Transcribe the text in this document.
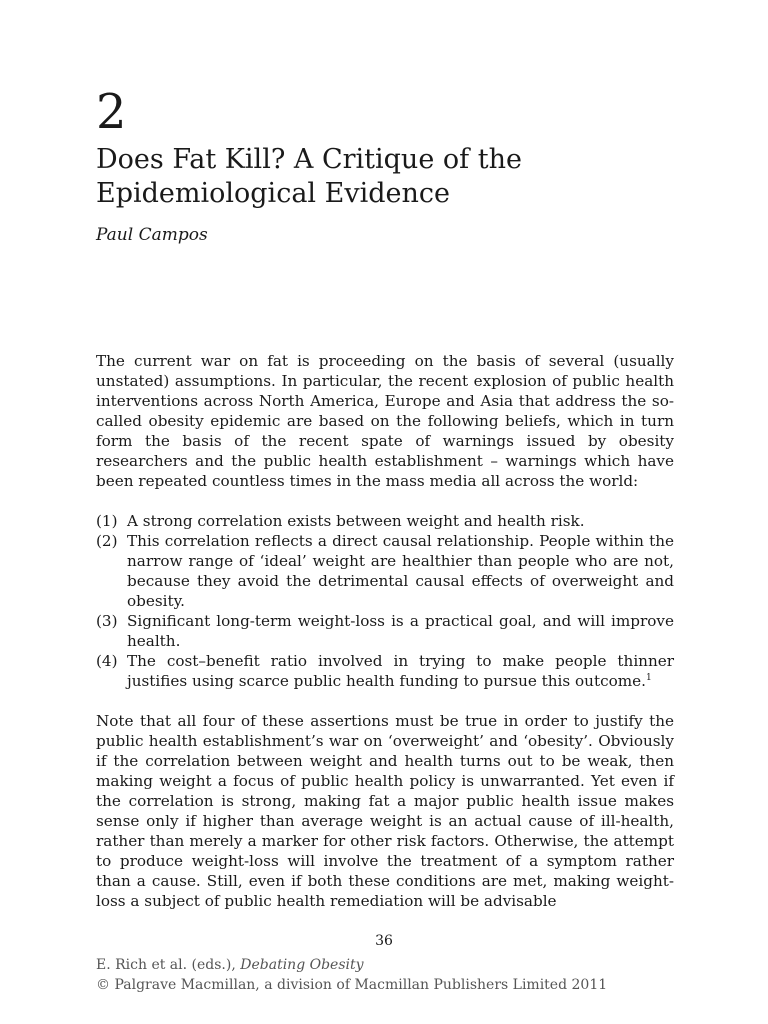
2
Does Fat Kill? A Critique of the
Epidemiological Evidence
Paul Campos

The current war on fat is proceeding on the basis of several (usually unstated) assumptions. In particular, the recent explosion of public health interventions across North America, Europe and Asia that address the so-called obesity epidemic are based on the following beliefs, which in turn form the basis of the recent spate of warnings issued by obesity researchers and the public health establishment – warnings which have been repeated countless times in the mass media all across the world:

(1) A strong correlation exists between weight and health risk.
(2) This correlation reflects a direct causal relationship. People within the narrow range of ‘ideal’ weight are healthier than people who are not, because they avoid the detrimental causal effects of overweight and obesity.
(3) Significant long-term weight-loss is a practical goal, and will improve health.
(4) The cost–benefit ratio involved in trying to make people thinner justifies using scarce public health funding to pursue this outcome.$^1$

Note that all four of these assertions must be true in order to justify the public health establishment’s war on ‘overweight’ and ‘obesity’. Obviously if the correlation between weight and health turns out to be weak, then making weight a focus of public health policy is unwarranted. Yet even if the correlation is strong, making fat a major public health issue makes sense only if higher than average weight is an actual cause of ill-health, rather than merely a marker for other risk factors. Otherwise, the attempt to produce weight-loss will involve the treatment of a symptom rather than a cause. Still, even if both these conditions are met, making weight-loss a subject of public health remediation will be advisable

36
E. Rich et al. (eds.), Debating Obesity
© Palgrave Macmillan, a division of Macmillan Publishers Limited 2011
